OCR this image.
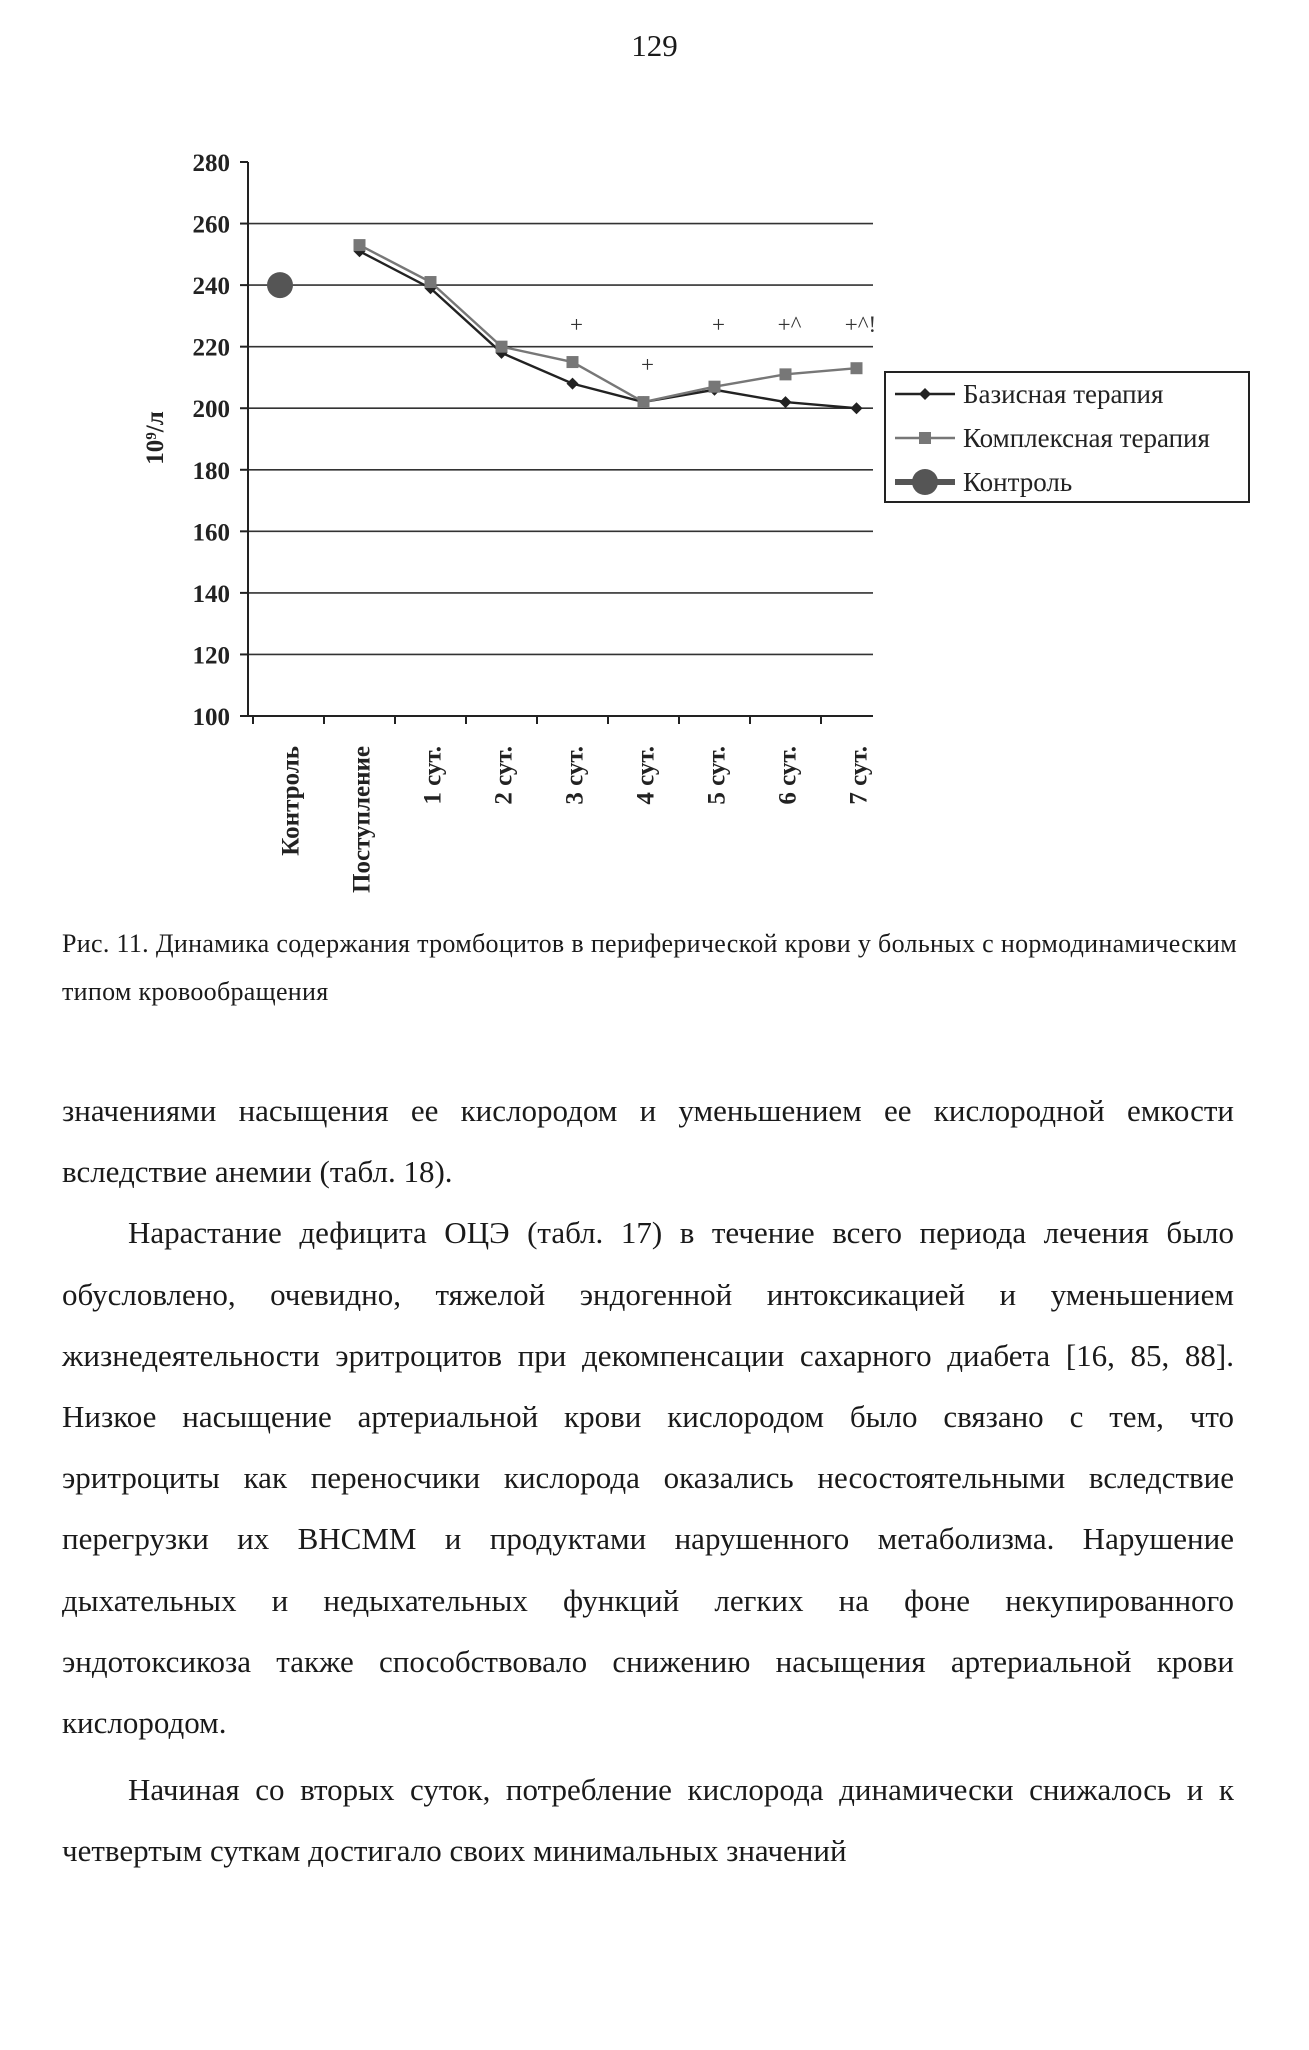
129
100
120
140
160
180
200
220
240
260
280
Контроль Поступление 1 сут. 2 сут. 3 сут. 4 сут. 5 сут. 6 сут. 7 сут.
10⁹/л
+
+
+ +^ +^!
Базисная терапия
Комплексная терапия
Контроль
Рис. 11. Динамика содержания тромбоцитов в периферической крови у больных с нормодинамическим типом кровообращения

значениями насыщения ее кислородом и уменьшением ее кислородной емкости вследствие анемии (табл. 18).

Нарастание дефицита ОЦЭ (табл. 17) в течение всего периода лечения было обусловлено, очевидно, тяжелой эндогенной интоксикацией и уменьшением жизнедеятельности эритроцитов при декомпенсации сахарного диабета [16, 85, 88]. Низкое насыщение артериальной крови кислородом было связано с тем, что эритроциты как переносчики кислорода оказались несостоятельными вследствие перегрузки их ВНСММ и продуктами нарушенного метаболизма. Нарушение дыхательных и недыхательных функций легких на фоне некупированного эндотоксикоза также способствовало снижению насыщения артериальной крови кислородом.

Начиная со вторых суток, потребление кислорода динамически снижалось и к четвертым суткам достигало своих минимальных значений
